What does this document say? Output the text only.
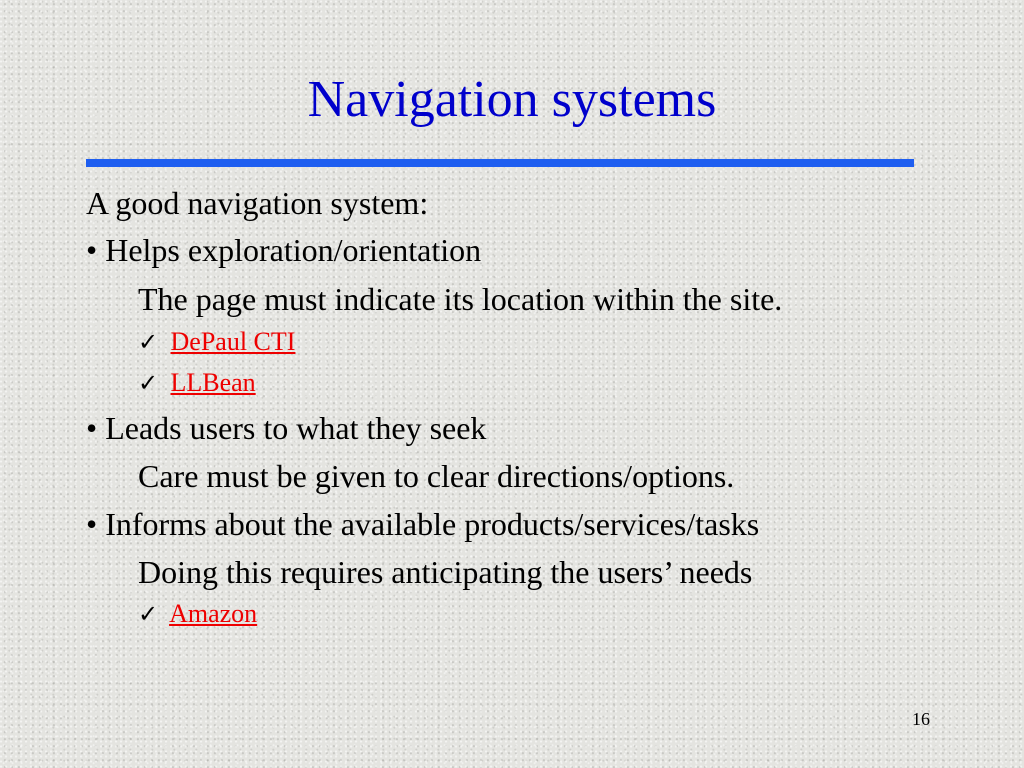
Navigation systems
A good navigation system:
• Helps exploration/orientation
The page must indicate its location within the site.
✓ DePaul CTI
✓ LLBean
• Leads users to what they seek
Care must be given to clear directions/options.
• Informs about the available products/services/tasks
Doing this requires anticipating the users’ needs
✓ Amazon
16
